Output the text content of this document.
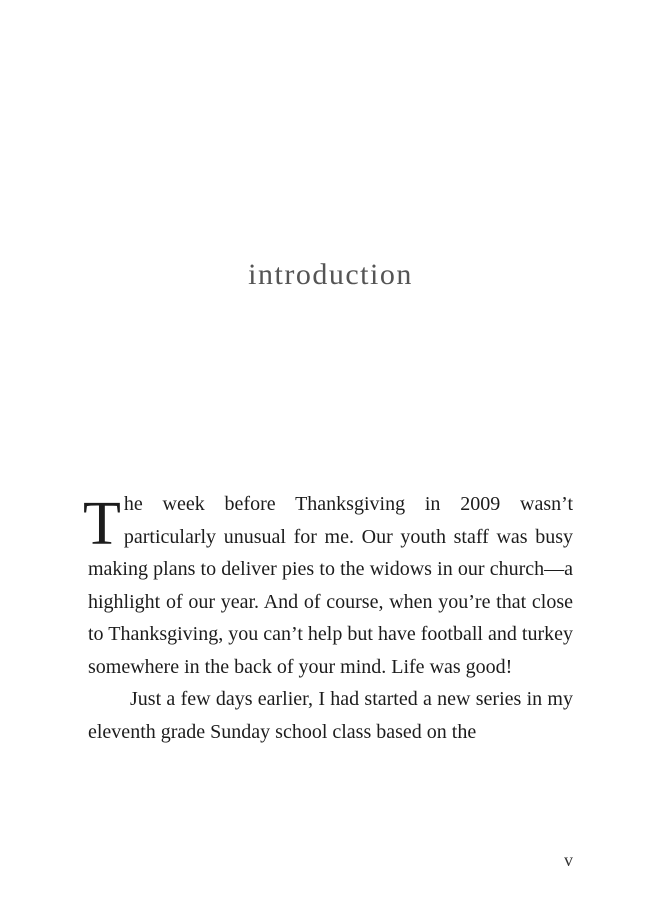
introduction

The week before Thanksgiving in 2009 wasn’t particularly unusual for me. Our youth staff was busy making plans to deliver pies to the widows in our church—a highlight of our year. And of course, when you’re that close to Thanksgiving, you can’t help but have football and turkey somewhere in the back of your mind. Life was good!

Just a few days earlier, I had started a new series in my eleventh grade Sunday school class based on the

v
